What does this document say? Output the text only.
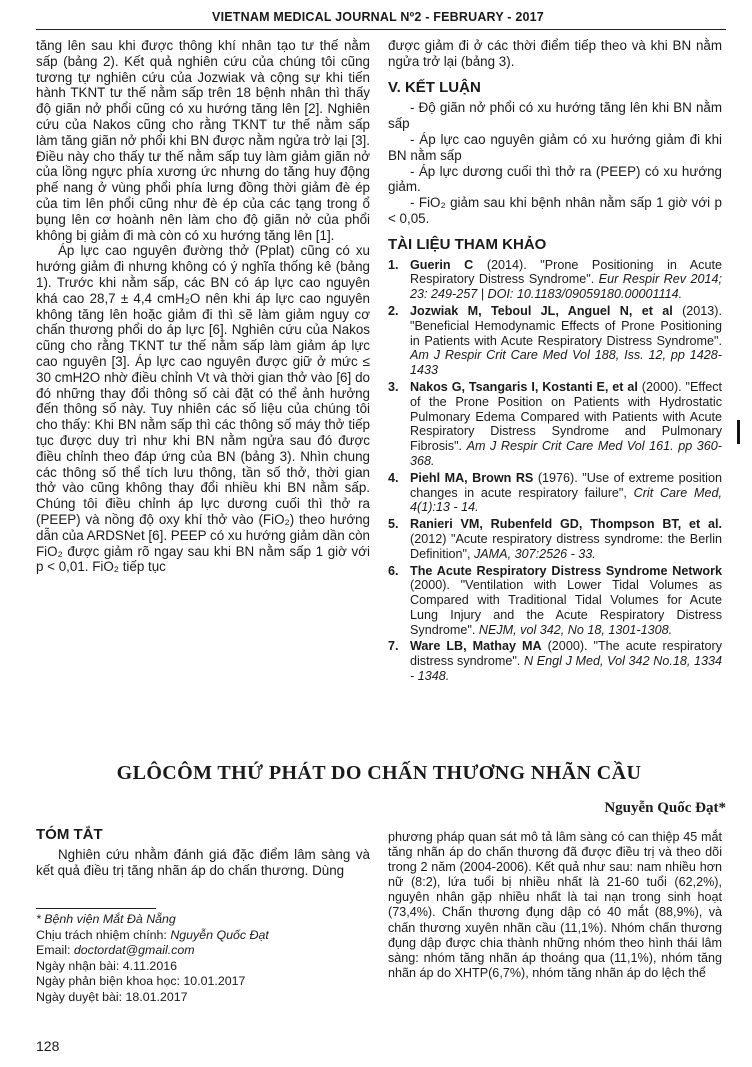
VIETNAM MEDICAL JOURNAL Nº2 - FEBRUARY - 2017

tăng lên sau khi được thông khí nhân tạo tư thế nằm sấp (bảng 2). Kết quả nghiên cứu của chúng tôi cũng tương tự nghiên cứu của Jozwiak và cộng sự khi tiến hành TKNT tư thế nằm sấp trên 18 bệnh nhân thì thấy độ giãn nở phổi cũng có xu hướng tăng lên [2]. Nghiên cứu của Nakos cũng cho rằng TKNT tư thế nằm sấp làm tăng giãn nở phổi khi BN được nằm ngửa trở lại [3]. Điều này cho thấy tư thế nằm sấp tuy làm giảm giãn nở của lồng ngực phía xương ức nhưng do tăng huy động phế nang ở vùng phổi phía lưng đồng thời giảm đè ép của tim lên phổi cũng như đè ép của các tạng trong ổ bụng lên cơ hoành nên làm cho độ giãn nở của phổi không bị giảm đi mà còn có xu hướng tăng lên [1].

Áp lực cao nguyên đường thở (Pplat) cũng có xu hướng giảm đi nhưng không có ý nghĩa thống kê (bảng 1). Trước khi nằm sấp, các BN có áp lực cao nguyên khá cao 28,7 ± 4,4 cmH₂O nên khi áp lực cao nguyên không tăng lên hoặc giảm đi thì sẽ làm giảm nguy cơ chấn thương phổi do áp lực [6]. Nghiên cứu của Nakos cũng cho rằng TKNT tư thế nằm sấp làm giảm áp lực cao nguyên [3]. Áp lực cao nguyên được giữ ở mức ≤ 30 cmH2O nhờ điều chỉnh Vt và thời gian thở vào [6] do đó những thay đổi thông số cài đặt có thể ảnh hưởng đến thông số này. Tuy nhiên các số liệu của chúng tôi cho thấy: Khi BN nằm sấp thì các thông số máy thở tiếp tục được duy trì như khi BN nằm ngửa sau đó được điều chỉnh theo đáp ứng của BN (bảng 3). Nhìn chung các thông số thể tích lưu thông, tần số thở, thời gian thở vào cũng không thay đổi nhiều khi BN nằm sấp. Chúng tôi điều chỉnh áp lực dương cuối thì thở ra (PEEP) và nồng độ oxy khí thở vào (FiO₂) theo hướng dẫn của ARDSNet [6]. PEEP có xu hướng giảm dần còn FiO₂ được giảm rõ ngay sau khi BN nằm sấp 1 giờ với p < 0,01. FiO₂ tiếp tục

được giảm đi ở các thời điểm tiếp theo và khi BN nằm ngửa trở lại (bảng 3).

V. KẾT LUẬN

- Độ giãn nở phổi có xu hướng tăng lên khi BN nằm sấp

- Áp lực cao nguyên giảm có xu hướng giảm đi khi BN nằm sấp

- Áp lực dương cuối thì thở ra (PEEP) có xu hướng giảm.

- FiO₂ giảm sau khi bệnh nhân nằm sấp 1 giờ với p < 0,05.

TÀI LIỆU THAM KHẢO
1. Guerin C (2014). "Prone Positioning in Acute Respiratory Distress Syndrome". Eur Respir Rev 2014; 23: 249-257 | DOI: 10.1183/09059180.00001114.
2. Jozwiak M, Teboul JL, Anguel N, et al (2013). "Beneficial Hemodynamic Effects of Prone Positioning in Patients with Acute Respiratory Distress Syndrome". Am J Respir Crit Care Med Vol 188, Iss. 12, pp 1428-1433
3. Nakos G, Tsangaris I, Kostanti E, et al (2000). "Effect of the Prone Position on Patients with Hydrostatic Pulmonary Edema Compared with Patients with Acute Respiratory Distress Syndrome and Pulmonary Fibrosis". Am J Respir Crit Care Med Vol 161. pp 360-368.
4. Piehl MA, Brown RS (1976). "Use of extreme position changes in acute respiratory failure", Crit Care Med, 4(1):13 - 14.
5. Ranieri VM, Rubenfeld GD, Thompson BT, et al. (2012) "Acute respiratory distress syndrome: the Berlin Definition", JAMA, 307:2526 - 33.
6. The Acute Respiratory Distress Syndrome Network (2000). "Ventilation with Lower Tidal Volumes as Compared with Traditional Tidal Volumes for Acute Lung Injury and the Acute Respiratory Distress Syndrome". NEJM, vol 342, No 18, 1301-1308.
7. Ware LB, Mathay MA (2000). "The acute respiratory distress syndrome". N Engl J Med, Vol 342 No.18, 1334 - 1348.
GLÔCÔM THỨ PHÁT DO CHẤN THƯƠNG NHÃN CẦU
Nguyễn Quốc Đạt*
TÓM TẮT

Nghiên cứu nhằm đánh giá đặc điểm lâm sàng và kết quả điều trị tăng nhãn áp do chấn thương. Dùng

* Bệnh viện Mắt Đà Nẵng
Chịu trách nhiệm chính: Nguyễn Quốc Đạt
Email: doctordat@gmail.com
Ngày nhận bài: 4.11.2016
Ngày phản biện khoa học: 10.01.2017
Ngày duyệt bài: 18.01.2017

phương pháp quan sát mô tả lâm sàng có can thiệp 45 mắt tăng nhãn áp do chấn thương đã được điều trị và theo dõi trong 2 năm (2004-2006). Kết quả như sau: nam nhiều hơn nữ (8:2), lứa tuổi bị nhiều nhất là 21-60 tuổi (62,2%), nguyên nhân gặp nhiều nhất là tai nạn trong sinh hoạt (73,4%). Chấn thương đụng dập có 40 mắt (88,9%), và chấn thương xuyên nhãn cầu (11,1%). Nhóm chấn thương đụng dập được chia thành những nhóm theo hình thái lâm sàng: nhóm tăng nhãn áp thoáng qua (11,1%), nhóm tăng nhãn áp do XHTP(6,7%), nhóm tăng nhãn áp do lệch thể

128
